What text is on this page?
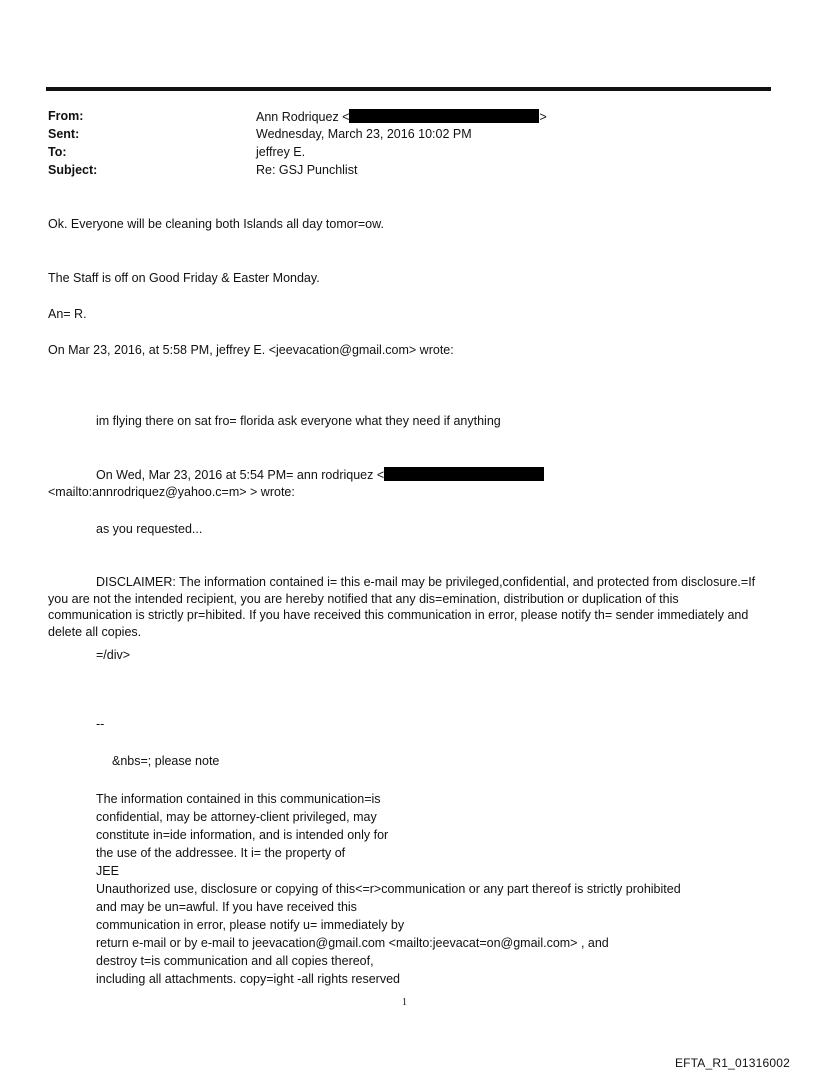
From:	Ann Rodriquez <	>
Sent:	Wednesday, March 23, 2016 10:02 PM
To:	jeffrey E.
Subject:	Re: GSJ Punchlist
Ok. Everyone will be cleaning both Islands all day tomor=ow.
The Staff is off on Good Friday & Easter Monday.
An= R.
On Mar 23, 2016, at 5:58 PM, jeffrey E. <jeevacation@gmail.com> wrote:
im flying there on sat fro= florida ask everyone what they need if anything
On Wed, Mar 23, 2016 at 5:54 PM= ann rodriquez <
<mailto:annrodriquez@yahoo.c=m> > wrote:
as you requested...
DISCLAIMER: The information contained i= this e-mail may be privileged,confidential, and protected from disclosure.=If you are not the intended recipient, you are hereby notified that any dis=emination, distribution or duplication of this communication is strictly pr=hibited. If you have received this communication in error, please notify th= sender immediately and delete all copies.
=/div>
--
&nbs=; please note
The information contained in this communication=is
confidential, may be attorney-client privileged, may
constitute in=ide information, and is intended only for
the use of the addressee. It i= the property of
JEE
Unauthorized use, disclosure or copying of this<=r>communication or any part thereof is strictly prohibited
and may be un=awful. If you have received this
communication in error, please notify u= immediately by
return e-mail or by e-mail to jeevacation@gmail.com <mailto:jeevacat=on@gmail.com> , and
destroy t=is communication and all copies thereof,
including all attachments. copy=ight -all rights reserved
1
EFTA_R1_01316002
